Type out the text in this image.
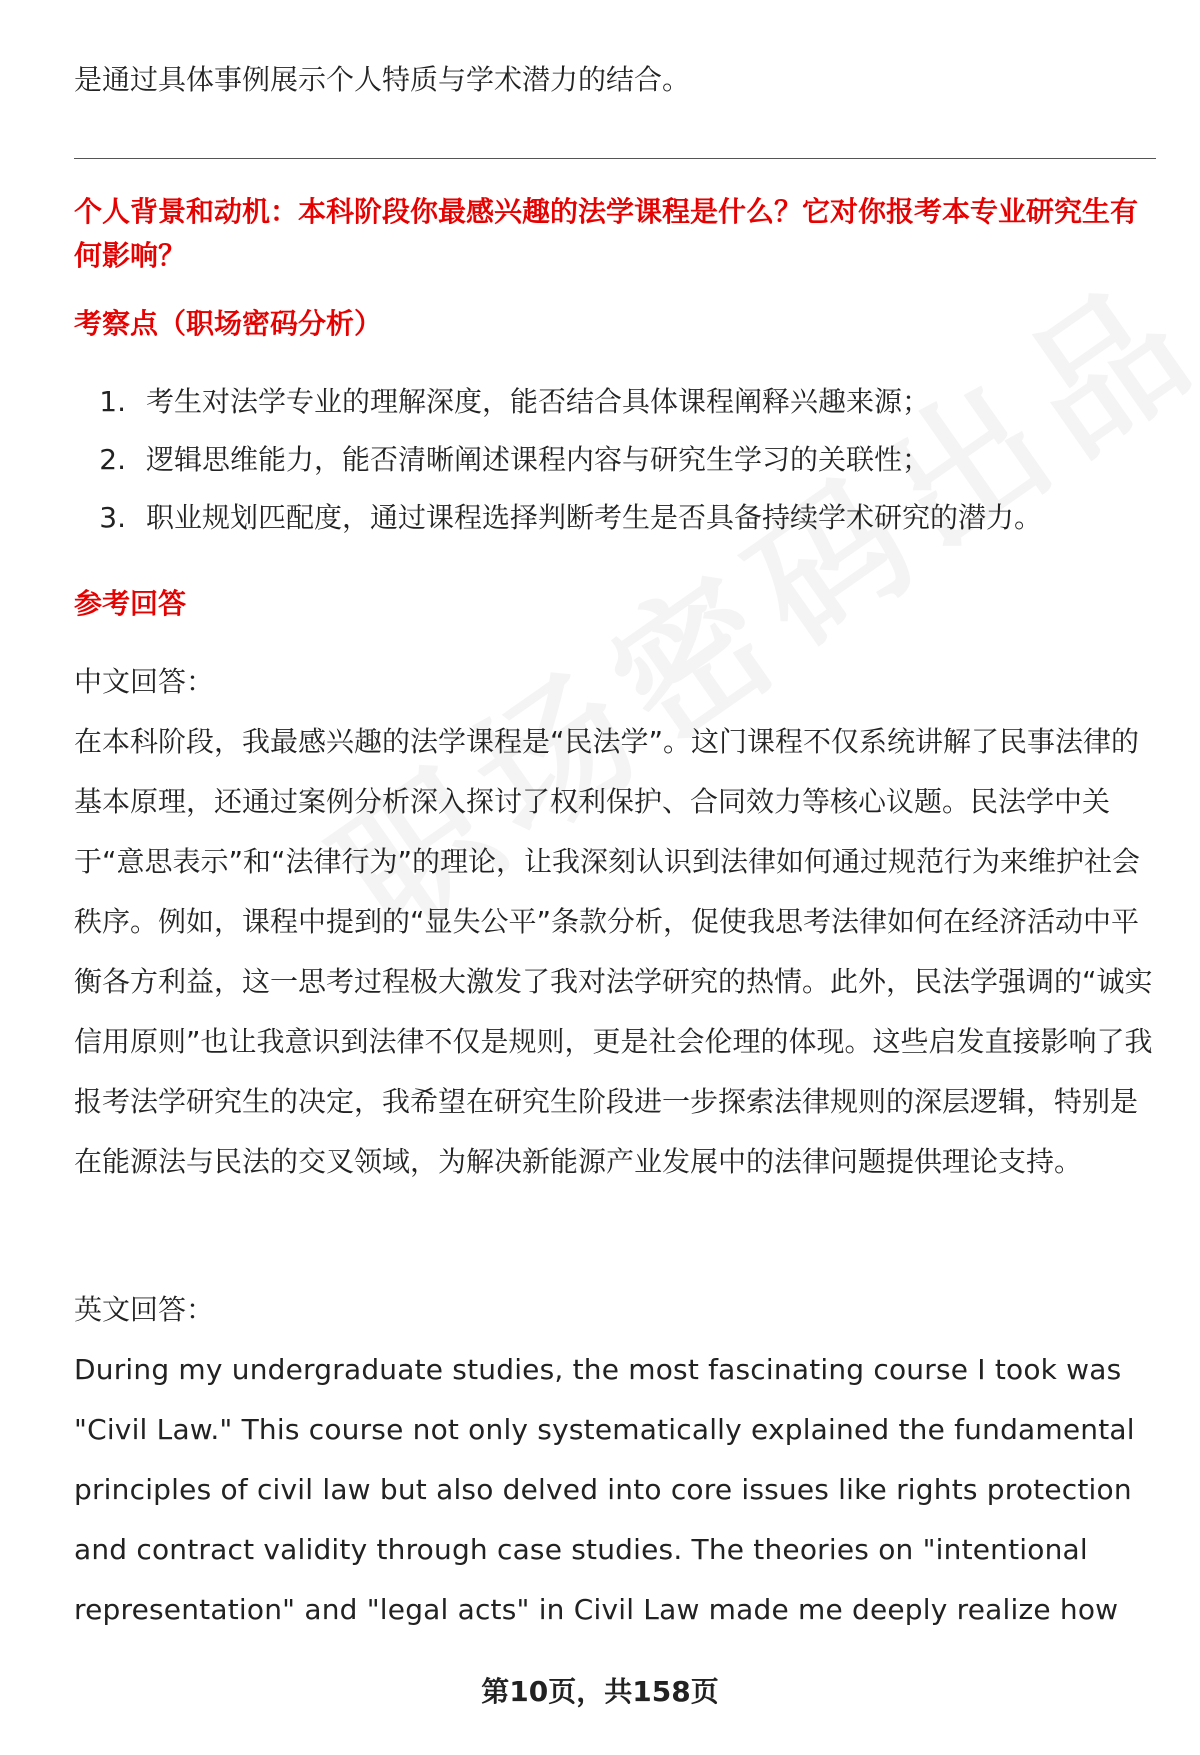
是通过具体事例展示个人特质与学术潜力的结合。

个人背景和动机：本科阶段你最感兴趣的法学课程是什么？它对你报考本专业研究生有何影响？
考察点（职场密码分析）
1. 考生对法学专业的理解深度，能否结合具体课程阐释兴趣来源；
2. 逻辑思维能力，能否清晰阐述课程内容与研究生学习的关联性；
3. 职业规划匹配度，通过课程选择判断考生是否具备持续学术研究的潜力。
参考回答

中文回答：

在本科阶段，我最感兴趣的法学课程是“民法学”。这门课程不仅系统讲解了民事法律的基本原理，还通过案例分析深入探讨了权利保护、合同效力等核心议题。民法学中关于“意思表示”和“法律行为”的理论，让我深刻认识到法律如何通过规范行为来维护社会秩序。例如，课程中提到的“显失公平”条款分析，促使我思考法律如何在经济活动中平衡各方利益，这一思考过程极大激发了我对法学研究的热情。此外，民法学强调的“诚实信用原则”也让我意识到法律不仅是规则，更是社会伦理的体现。这些启发直接影响了我报考法学研究生的决定，我希望在研究生阶段进一步探索法律规则的深层逻辑，特别是在能源法与民法的交叉领域，为解决新能源产业发展中的法律问题提供理论支持。

英文回答：

During my undergraduate studies, the most fascinating course I took was "Civil Law." This course not only systematically explained the fundamental principles of civil law but also delved into core issues like rights protection and contract validity through case studies. The theories on "intentional representation" and "legal acts" in Civil Law made me deeply realize how

第10页，共158页
